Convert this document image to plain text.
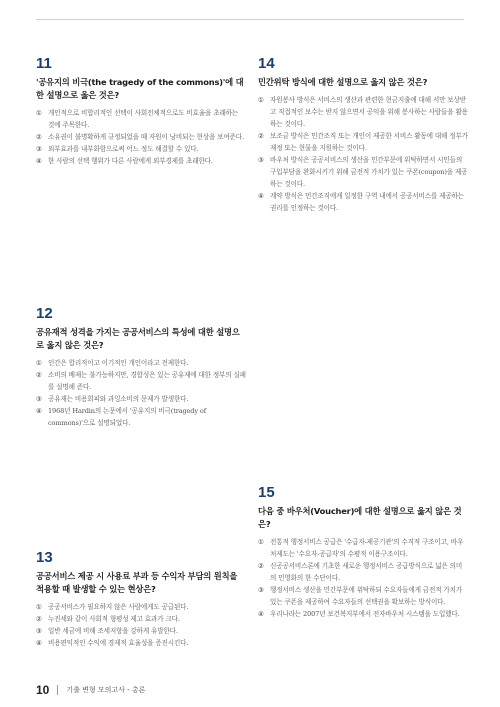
11
'공유지의 비극(the tragedy of the commons)'에 대한 설명으로 옳은 것은?
① 개인적으로 비합리적인 선택이 사회전체적으로도 비효율을 초래하는 것에 주목한다.
② 소유권이 불명확하게 규정되었을 때 자원이 낭비되는 현상을 보여준다.
③ 외부효과를 내부화함으로써 어느 정도 해결할 수 있다.
④ 한 사람의 선택 행위가 다른 사람에게 외부경제를 초래한다.
12
공유재적 성격을 가지는 공공서비스의 특성에 대한 설명으로 옳지 않은 것은?
① 인간은 합리적이고 이기적인 개인이라고 전제한다.
② 소비의 배제는 불가능하지만, 경합성은 있는 공유재에 대한 정부의 실패를 설명해 준다.
③ 공유재는 비용회피와 과잉소비의 문제가 발생한다.
④ 1968년 Hardin의 논문에서 '공유지의 비극(tragedy of commons)'으로 설명되었다.
13
공공서비스 제공 시 사용료 부과 등 수익자 부담의 원칙을 적용할 때 발생할 수 있는 현상은?
① 공공서비스가 필요하지 않은 사람에게도 공급된다.
② 누진세와 같이 사회적 형평성 제고 효과가 크다.
③ 일반 세금에 비해 조세저항을 강하게 유발한다.
④ 비용편익적인 수익에 경제적 효율성을 증진시킨다.
14
민간위탁 방식에 대한 설명으로 옳지 않은 것은?
① 자원봉사 방식은 서비스의 생산과 관련한 현금지출에 대해 서만 보상받고 직접적인 보수는 받지 않으면서 공익을 위해 봉사하는 사람들을 활용하는 것이다.
② 보조금 방식은 민간조직 또는 개인이 제공한 서비스 활동에 대해 정부가 재정 또는 현물을 지원하는 것이다.
③ 바우처 방식은 공공서비스의 생산을 민간부문에 위탁하면서 시민들의 구입부담을 완화시키기 위해 금전적 가치가 있는 쿠폰(coupon)을 제공하는 것이다.
④ 계약 방식은 민간조직에게 일정한 구역 내에서 공공서비스를 제공하는 권리를 인정하는 것이다.
15
다음 중 바우처(Voucher)에 대한 설명으로 옳지 않은 것은?
① 전통적 행정서비스 공급은 '수급자-제공기관'의 수직적 구조이고, 바우처제도는 '수요자-공급자'의 수평적 이용구조이다.
② 신공공서비스론에 기초한 새로운 행정서비스 공급방식으로 넓은 의미의 민영화의 한 수단이다.
③ 행정서비스 생산을 민간부문에 위탁하되 수요자들에게 금전적 가치가 있는 쿠폰을 제공하여 수요자들의 선택권을 확보하는 방식이다.
④ 우리나라는 2007년 보건복지부에서 전자바우처 시스템을 도입했다.
10 기출 변형 모의고사 - 총론
